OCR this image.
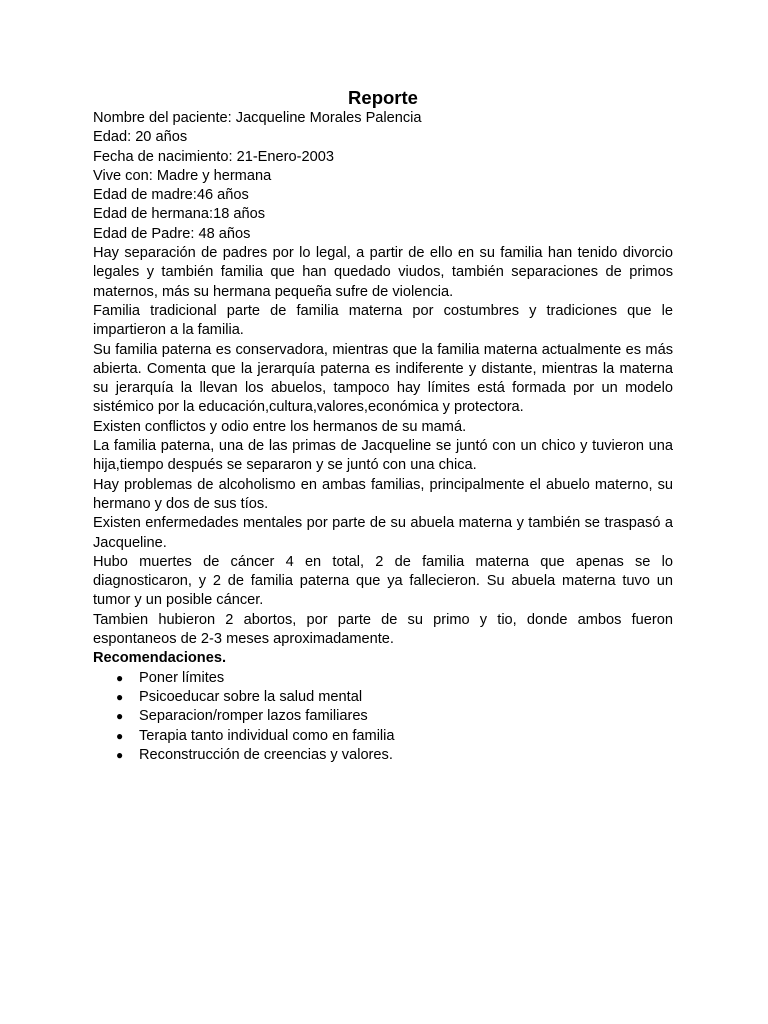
Reporte

Nombre del paciente: Jacqueline Morales Palencia

Edad: 20 años

Fecha de nacimiento: 21-Enero-2003

Vive con: Madre y hermana

Edad de madre:46 años

Edad de hermana:18 años

Edad de Padre: 48 años

Hay separación de padres por lo legal, a partir de ello en su familia han tenido divorcio legales y también familia que han quedado viudos, también separaciones de primos maternos, más su hermana pequeña sufre de violencia.

Familia tradicional parte de familia materna por costumbres y tradiciones que le impartieron a la familia.

Su familia paterna es conservadora, mientras que la familia materna actualmente es más abierta. Comenta que la jerarquía paterna es indiferente y distante, mientras la materna su jerarquía la llevan los abuelos, tampoco hay límites está formada por un modelo sistémico por la educación,cultura,valores,económica y protectora.

Existen conflictos y odio entre los hermanos de su mamá.

La familia paterna, una de las primas de Jacqueline se juntó con un chico y tuvieron una hija,tiempo después se separaron y se juntó con una chica.

Hay problemas de alcoholismo en ambas familias, principalmente el abuelo materno, su hermano y dos de sus tíos.

Existen enfermedades mentales por parte de su abuela materna y también se traspasó a Jacqueline.

Hubo muertes de cáncer 4 en total, 2 de familia materna que apenas se lo diagnosticaron, y 2 de familia paterna que ya fallecieron. Su abuela materna tuvo un tumor y un posible cáncer.

Tambien hubieron 2 abortos, por parte de su primo y tio, donde ambos fueron espontaneos de 2-3 meses aproximadamente.

Recomendaciones.

● Poner límites
● Psicoeducar sobre la salud mental
● Separacion/romper lazos familiares
● Terapia tanto individual como en familia
● Reconstrucción de creencias y valores.
